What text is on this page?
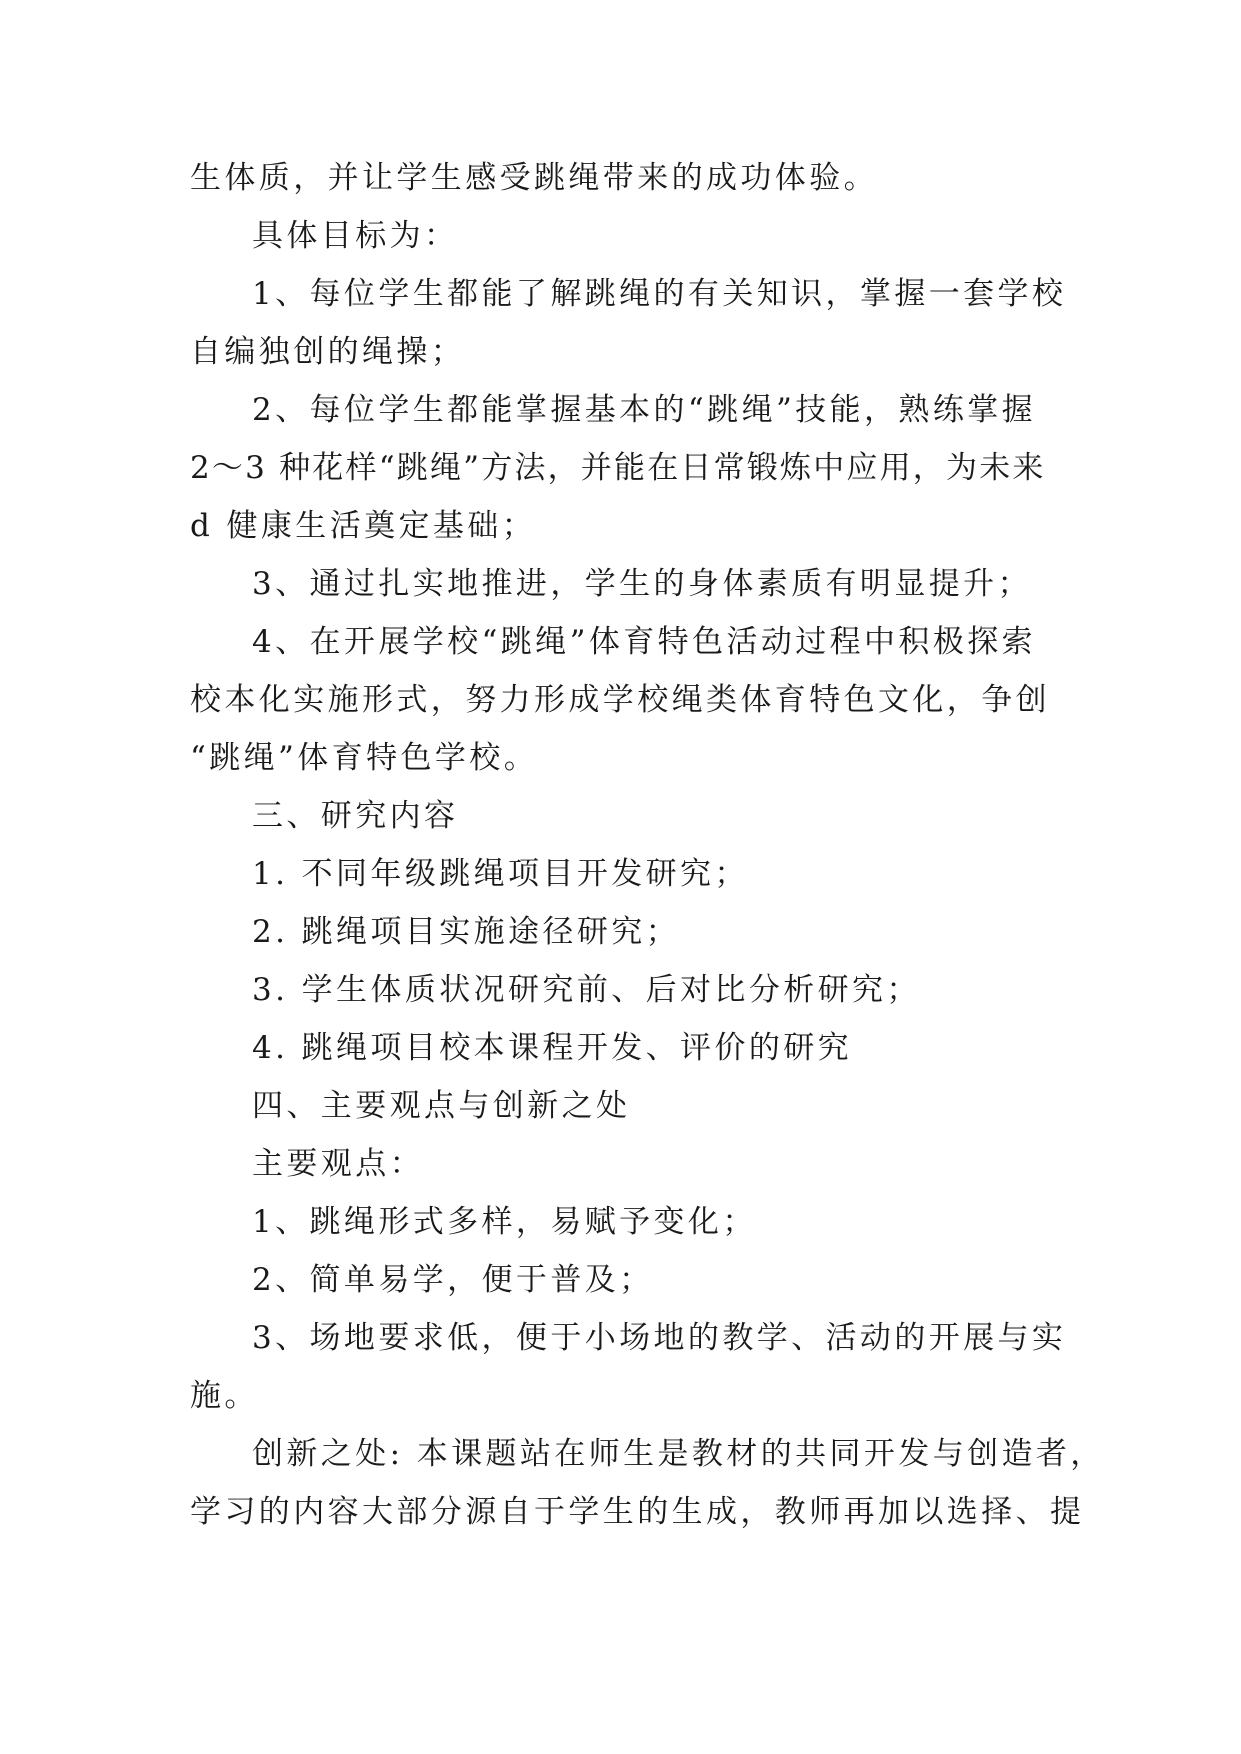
生体质，并让学生感受跳绳带来的成功体验。
具体目标为：
1、每位学生都能了解跳绳的有关知识，掌握一套学校
自编独创的绳操；
2、每位学生都能掌握基本的“跳绳”技能，熟练掌握
2～3 种花样“跳绳”方法，并能在日常锻炼中应用，为未来
d 健康生活奠定基础；
3、通过扎实地推进，学生的身体素质有明显提升；
4、在开展学校“跳绳”体育特色活动过程中积极探索
校本化实施形式，努力形成学校绳类体育特色文化，争创
“跳绳”体育特色学校。
三、研究内容
1. 不同年级跳绳项目开发研究；
2. 跳绳项目实施途径研究；
3. 学生体质状况研究前、后对比分析研究；
4. 跳绳项目校本课程开发、评价的研究
四、主要观点与创新之处
主要观点：
1、跳绳形式多样，易赋予变化；
2、简单易学，便于普及；
3、场地要求低，便于小场地的教学、活动的开展与实
施。
创新之处: 本课题站在师生是教材的共同开发与创造者，
学习的内容大部分源自于学生的生成，教师再加以选择、提
